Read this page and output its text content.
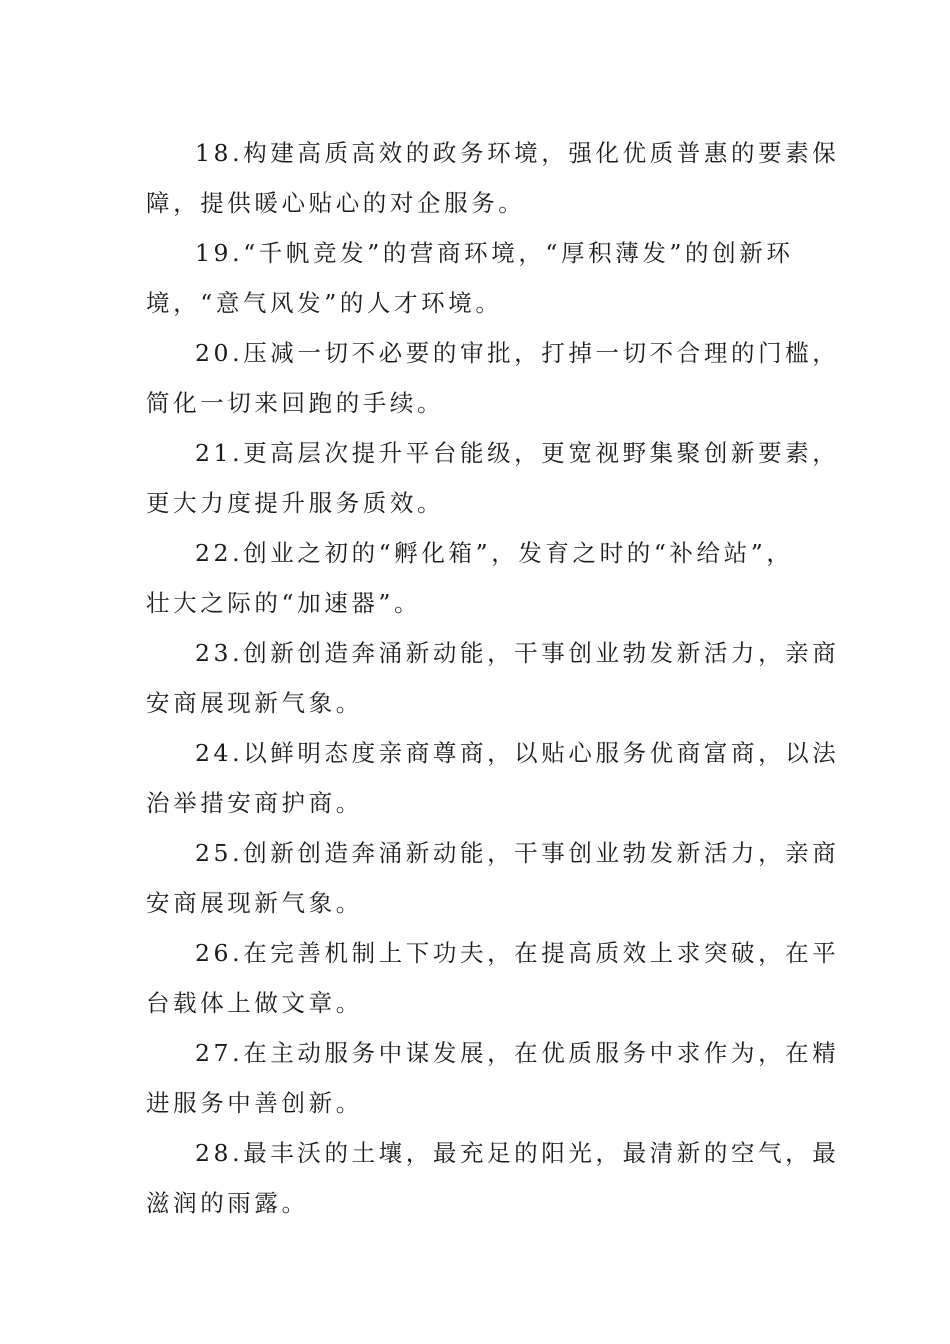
18.构建高质高效的政务环境，强化优质普惠的要素保
障，提供暖心贴心的对企服务。
19.“千帆竞发”的营商环境，“厚积薄发”的创新环
境，“意气风发”的人才环境。
20.压减一切不必要的审批，打掉一切不合理的门槛，
简化一切来回跑的手续。
21.更高层次提升平台能级，更宽视野集聚创新要素，
更大力度提升服务质效。
22.创业之初的“孵化箱”，发育之时的“补给站”，
壮大之际的“加速器”。
23.创新创造奔涌新动能，干事创业勃发新活力，亲商
安商展现新气象。
24.以鲜明态度亲商尊商，以贴心服务优商富商，以法
治举措安商护商。
25.创新创造奔涌新动能，干事创业勃发新活力，亲商
安商展现新气象。
26.在完善机制上下功夫，在提高质效上求突破，在平
台载体上做文章。
27.在主动服务中谋发展，在优质服务中求作为，在精
进服务中善创新。
28.最丰沃的土壤，最充足的阳光，最清新的空气，最
滋润的雨露。
